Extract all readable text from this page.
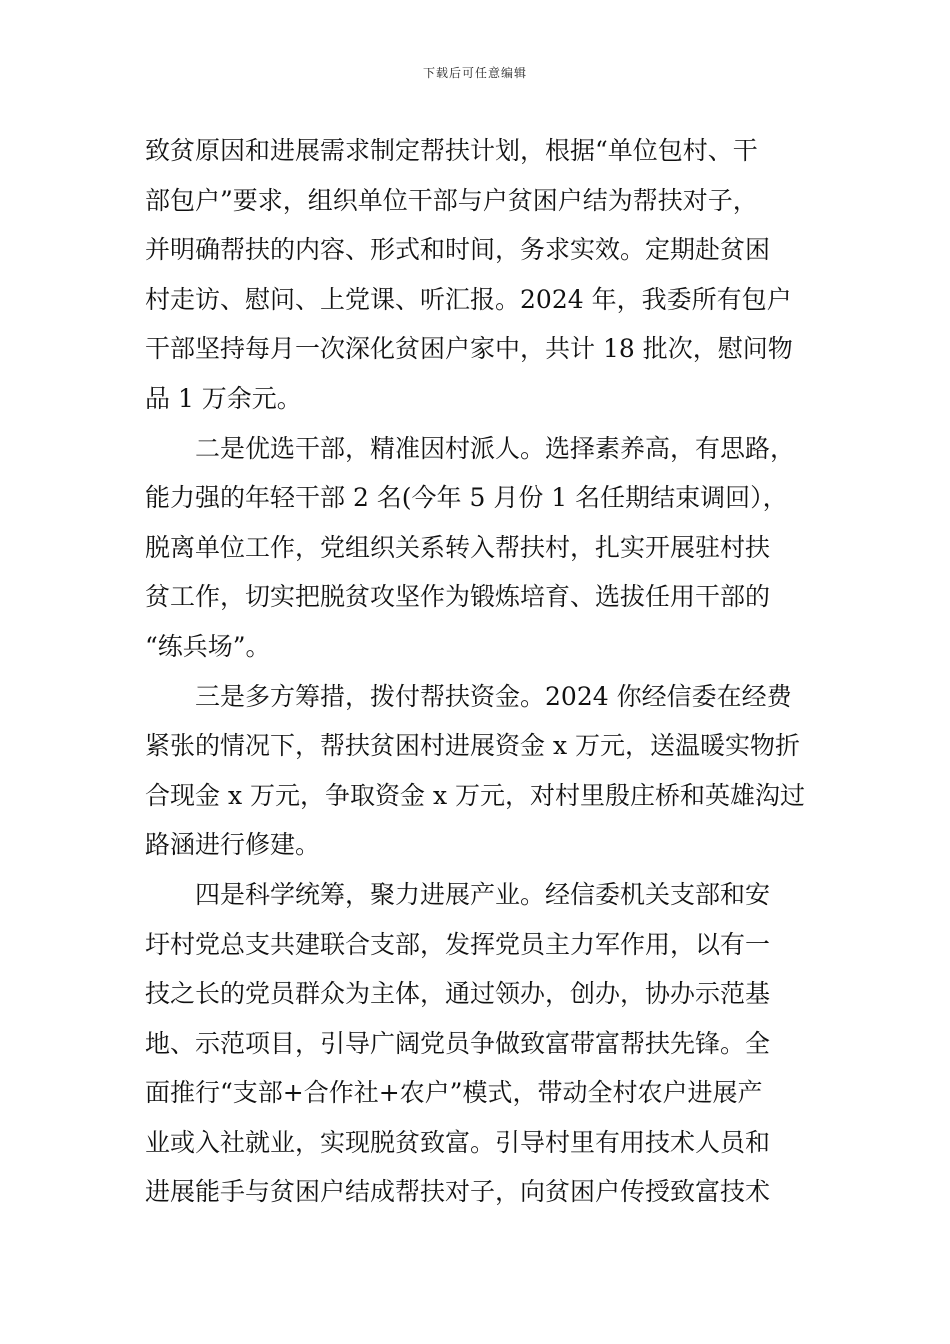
下载后可任意编辑
致贫原因和进展需求制定帮扶计划，根据“单位包村、干
部包户”要求，组织单位干部与户贫困户结为帮扶对子，
并明确帮扶的内容、形式和时间，务求实效。定期赴贫困
村走访、慰问、上党课、听汇报。2024 年，我委所有包户
干部坚持每月一次深化贫困户家中，共计 18 批次，慰问物
品 1 万余元。
　　二是优选干部，精准因村派人。选择素养高，有思路，
能力强的年轻干部 2 名(今年 5 月份 1 名任期结束调回），
脱离单位工作，党组织关系转入帮扶村，扎实开展驻村扶
贫工作，切实把脱贫攻坚作为锻炼培育、选拔任用干部的
“练兵场”。
　　三是多方筹措，拨付帮扶资金。2024 你经信委在经费
紧张的情况下，帮扶贫困村进展资金 x 万元，送温暖实物折
合现金 x 万元，争取资金 x 万元，对村里殷庄桥和英雄沟过
路涵进行修建。
　　四是科学统筹，聚力进展产业。经信委机关支部和安
圩村党总支共建联合支部，发挥党员主力军作用，以有一
技之长的党员群众为主体，通过领办，创办，协办示范基
地、示范项目，引导广阔党员争做致富带富帮扶先锋。全
面推行“支部+合作社+农户”模式，带动全村农户进展产
业或入社就业，实现脱贫致富。引导村里有用技术人员和
进展能手与贫困户结成帮扶对子，向贫困户传授致富技术
